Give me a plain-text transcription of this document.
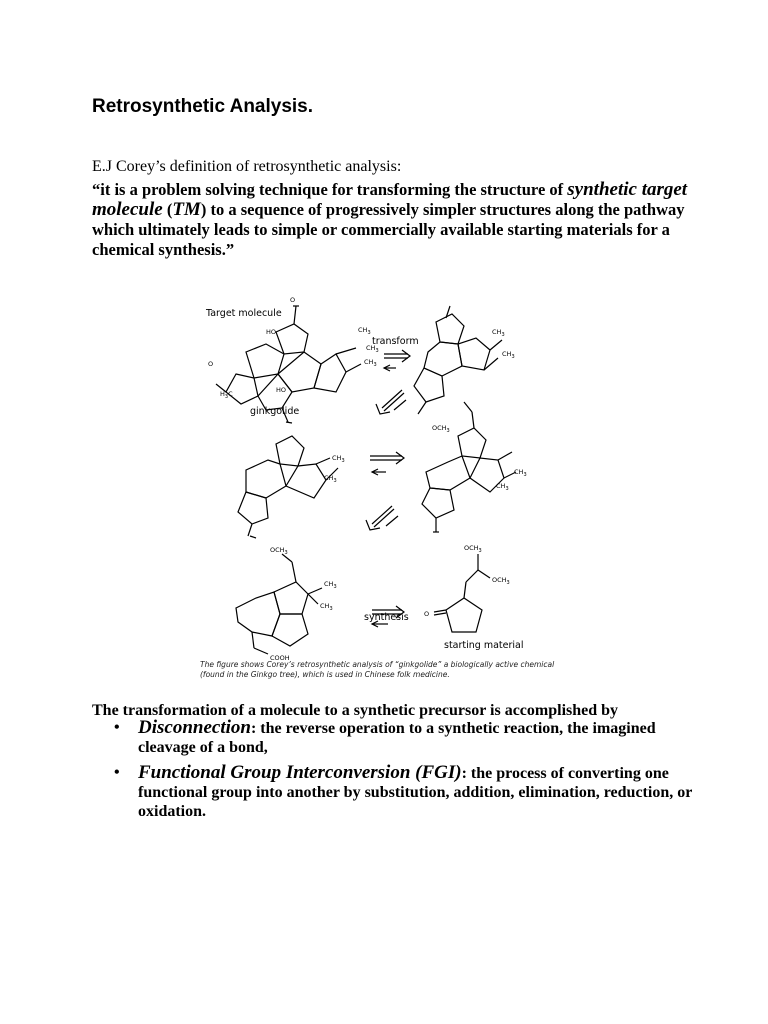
Retrosynthetic Analysis.
E.J Corey’s definition of retrosynthetic analysis:
“it is a problem solving technique for transforming the structure of synthetic target molecule (TM) to a sequence of progressively simpler structures along the pathway which ultimately leads to simple or commercially available starting materials for a chemical synthesis.”
Target molecule
transform
ginkgolide
synthesis
starting material
$CH_3$
$CH_3$
$CH_3$
HO
HO
$H_3C$
O
O
$CH_3$
$CH_3$
$CH_3$
$CH_3$
$OCH_3$
$CH_3$
$CH_3$
$OCH_3$
$CH_3$
$CH_3$
COOH
$OCH_3$
$OCH_3$
O
The figure shows Corey’s retrosynthetic analysis of “ginkgolide” a biologically active chemical (found in the Ginkgo tree), which is used in Chinese folk medicine.
The transformation of a molecule to a synthetic precursor is accomplished by
• Disconnection: the reverse operation to a synthetic reaction, the imagined cleavage of a bond,
• Functional Group Interconversion (FGI): the process of converting one functional group into another by substitution, addition, elimination, reduction, or oxidation.
